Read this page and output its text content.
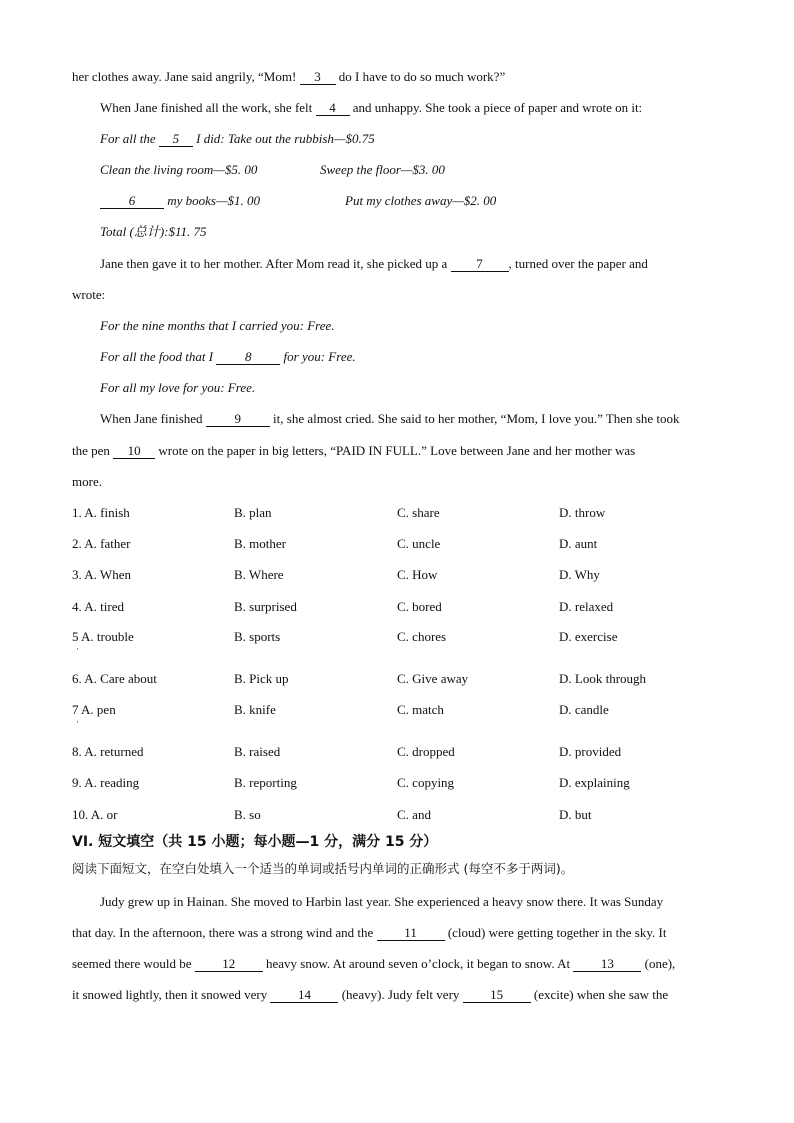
her clothes away. Jane said angrily, “Mom! 3 do I have to do so much work?”
When Jane finished all the work, she felt 4 and unhappy. She took a piece of paper and wrote on it:
For all the 5 I did: Take out the rubbish—$0.75
Clean the living room—$5. 00	Sweep the floor—$3. 00
6 my books—$1. 00	Put my clothes away—$2. 00
Total (总计):$11. 75
Jane then gave it to her mother. After Mom read it, she picked up a 7 , turned over the paper and
wrote:
For the nine months that I carried you: Free.
For all the food that I 8 for you: Free.
For all my love for you: Free.
When Jane finished 9 it, she almost cried. She said to her mother, “Mom, I love you.” Then she took
the pen 10 wrote on the paper in big letters, “PAID IN FULL.” Love between Jane and her mother was
more.
1. A. finish	B. plan	C. share	D. throw
2. A. father	B. mother	C. uncle	D. aunt
3. A. When	B. Where	C. How	D. Why
4. A. tired	B. surprised	C. bored	D. relaxed
5 A. trouble	B. sports	C. chores	D. exercise
·
6. A. Care about	B. Pick up	C. Give away	D. Look through
7 A. pen	B. knife	C. match	D. candle
·
8. A. returned	B. raised	C. dropped	D. provided
9. A. reading	B. reporting	C. copying	D. explaining
10. A. or	B. so	C. and	D. but
VI. 短文填空（共 15 小题；每小题—1 分，满分 15 分）
阅读下面短文，在空白处填入一个适当的单词或括号内单词的正确形式 (每空不多于两词)。
Judy grew up in Hainan. She moved to Harbin last year. She experienced a heavy snow there. It was Sunday
that day. In the afternoon, there was a strong wind and the 11 (cloud) were getting together in the sky. It
seemed there would be 12 heavy snow. At around seven o’clock, it began to snow. At 13 (one),
it snowed lightly, then it snowed very 14 (heavy). Judy felt very 15 (excite) when she saw the
